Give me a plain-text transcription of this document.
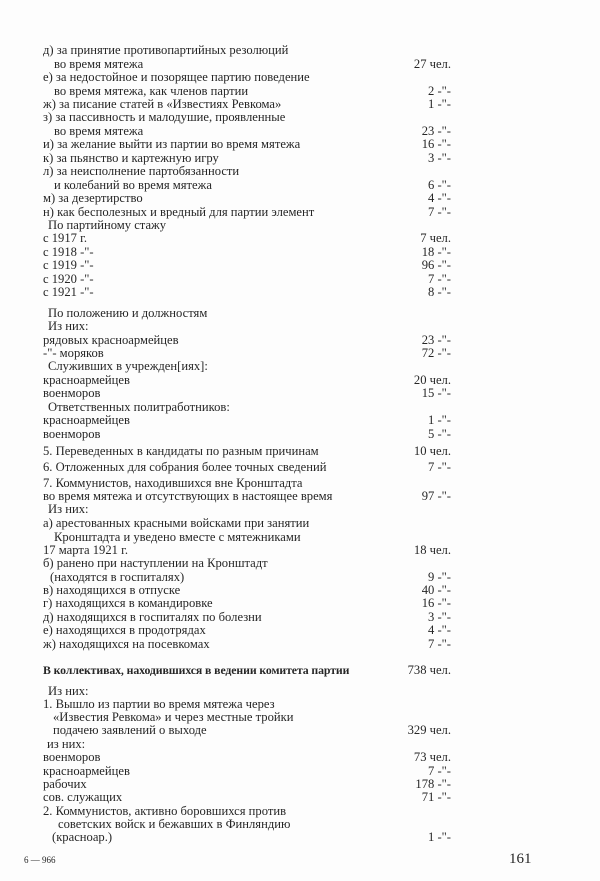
д) за принятие противопартийных резолюций
во время мятежа	27 чел.
е) за недостойное и позорящее партию поведение
во время мятежа, как членов партии	2 -"-
ж) за писание статей в «Известиях Ревкома»	1 -"-
з) за пассивность и малодушие, проявленные
во время мятежа	23 -"-
и) за желание выйти из партии во время мятежа	16 -"-
к) за пьянство и картежную игру	3 -"-
л) за неисполнение партобязанности
и колебаний во время мятежа	6 -"-
м) за дезертирство	4 -"-
н) как бесполезных и вредный для партии элемент	7 -"-
По партийному стажу
с 1917 г.	7 чел.
с 1918 -"-	18 -"-
с 1919 -"-	96 -"-
с 1920 -"-	7 -"-
с 1921 -"-	8 -"-
По положению и должностям
Из них:
рядовых красноармейцев	23 -"-
-"- моряков	72 -"-
Служивших в учрежден[иях]:
красноармейцев	20 чел.
военморов	15 -"-
Ответственных политработников:
красноармейцев	1 -"-
военморов	5 -"-
5. Переведенных в кандидаты по разным причинам	10 чел.
6. Отложенных для собрания более точных сведений	7 -"-
7. Коммунистов, находившихся вне Кронштадта
во время мятежа и отсутствующих в настоящее время	97 -"-
Из них:
а) арестованных красными войсками при занятии
Кронштадта и уведено вместе с мятежниками
17 марта 1921 г.	18 чел.
б) ранено при наступлении на Кронштадт
(находятся в госпиталях)	9 -"-
в) находящихся в отпуске	40 -"-
г) находящихся в командировке	16 -"-
д) находящихся в госпиталях по болезни	3 -"-
е) находящихся в продотрядах	4 -"-
ж) находящихся на посевкомах	7 -"-
В коллективах, находившихся в ведении комитета партии	738 чел.
Из них:
1. Вышло из партии во время мятежа через
«Известия Ревкома» и через местные тройки
подачею заявлений о выходе	329 чел.
из них:
военморов	73 чел.
красноармейцев	7 -"-
рабочих	178 -"-
сов. служащих	71 -"-
2. Коммунистов, активно боровшихся против
советских войск и бежавших в Финляндию
(красноар.)	1 -"-
6 — 966	161
